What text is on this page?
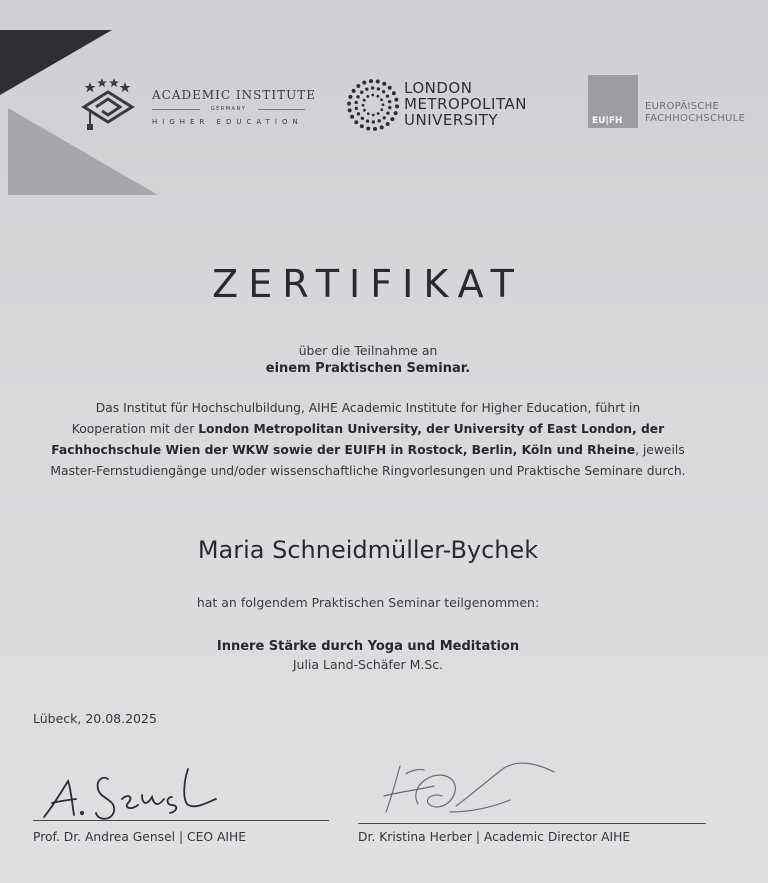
ACADEMIC INSTITUTE
GERMANY
HIGHER EDUCATION
LONDON
METROPOLITAN
UNIVERSITY	EU|FH
EUROPÄISCHE
FACHHOCHSCHULE
ZERTIFIKAT
über die Teilnahme an
einem Praktischen Seminar.
Das Institut für Hochschulbildung, AIHE Academic Institute for Higher Education, führt in
Kooperation mit der London Metropolitan University, der University of East London, der
Fachhochschule Wien der WKW sowie der EUIFH in Rostock, Berlin, Köln und Rheine, jeweils
Master-Fernstudiengänge und/oder wissenschaftliche Ringvorlesungen und Praktische Seminare durch.
Maria Schneidmüller-Bychek
hat an folgendem Praktischen Seminar teilgenommen:
Innere Stärke durch Yoga und Meditation
Julia Land-Schäfer M.Sc.
Lübeck, 20.08.2025
Prof. Dr. Andrea Gensel | CEO AIHE	Dr. Kristina Herber | Academic Director AIHE
